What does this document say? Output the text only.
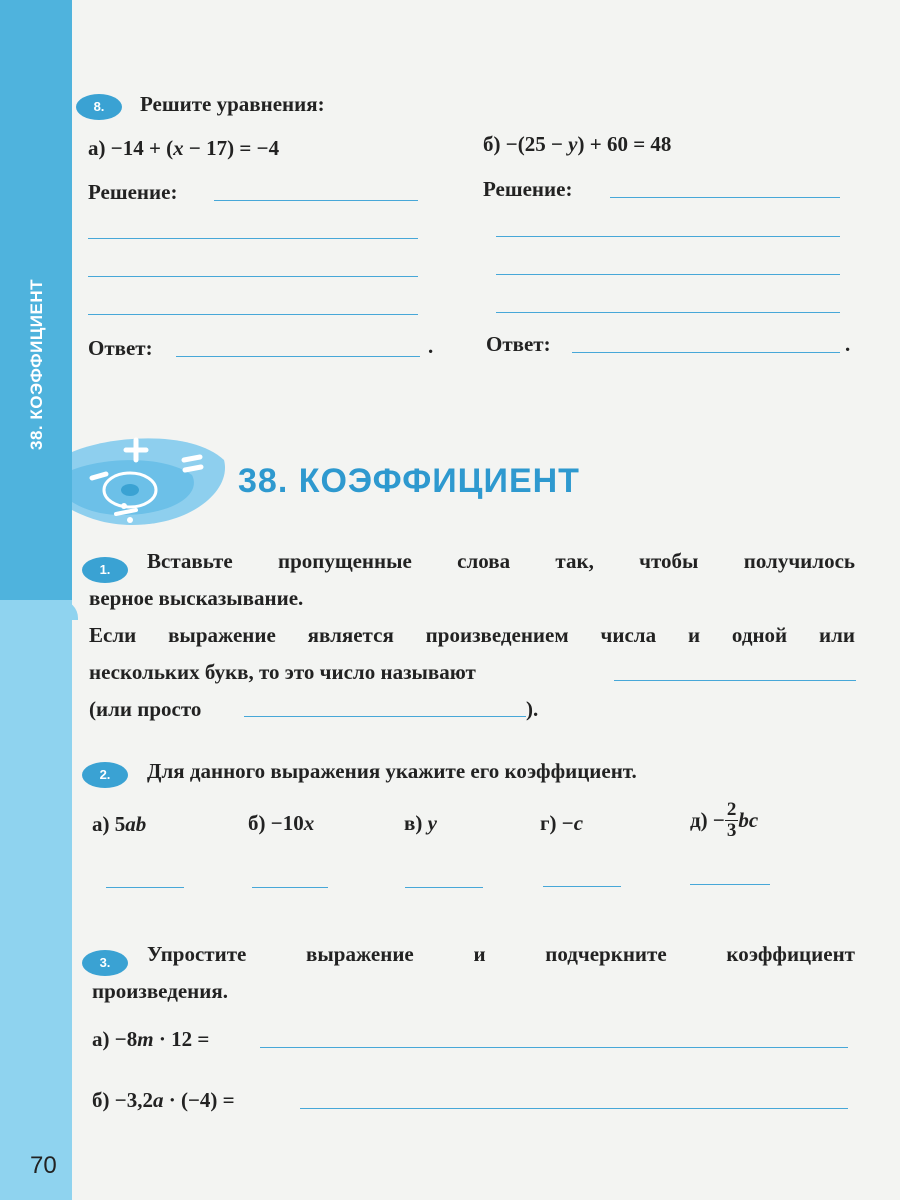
38. КОЭФФИЦИЕНТ
70
8.	Решите уравнения:
а) −14 + (x − 17) = −4	б) −(25 − y) + 60 = 48
Решение:	Решение:
Ответ:	.	Ответ:	.
38. КОЭФФИЦИЕНТ
1.	Вставьте пропущенные слова так, чтобы получилось
верное высказывание.
Если выражение является произведением числа и одной или
нескольких букв, то это число называют
(или просто	).
2.	Для данного выражения укажите его коэффициент.
а) 5ab	б) −10x	в) y	г) −c	$д) - \frac{2}{3}$ bc
3.	Упростите выражение и подчеркните коэффициент
произведения.
а) −8m · 12 =
б) −3,2a · (−4) =
